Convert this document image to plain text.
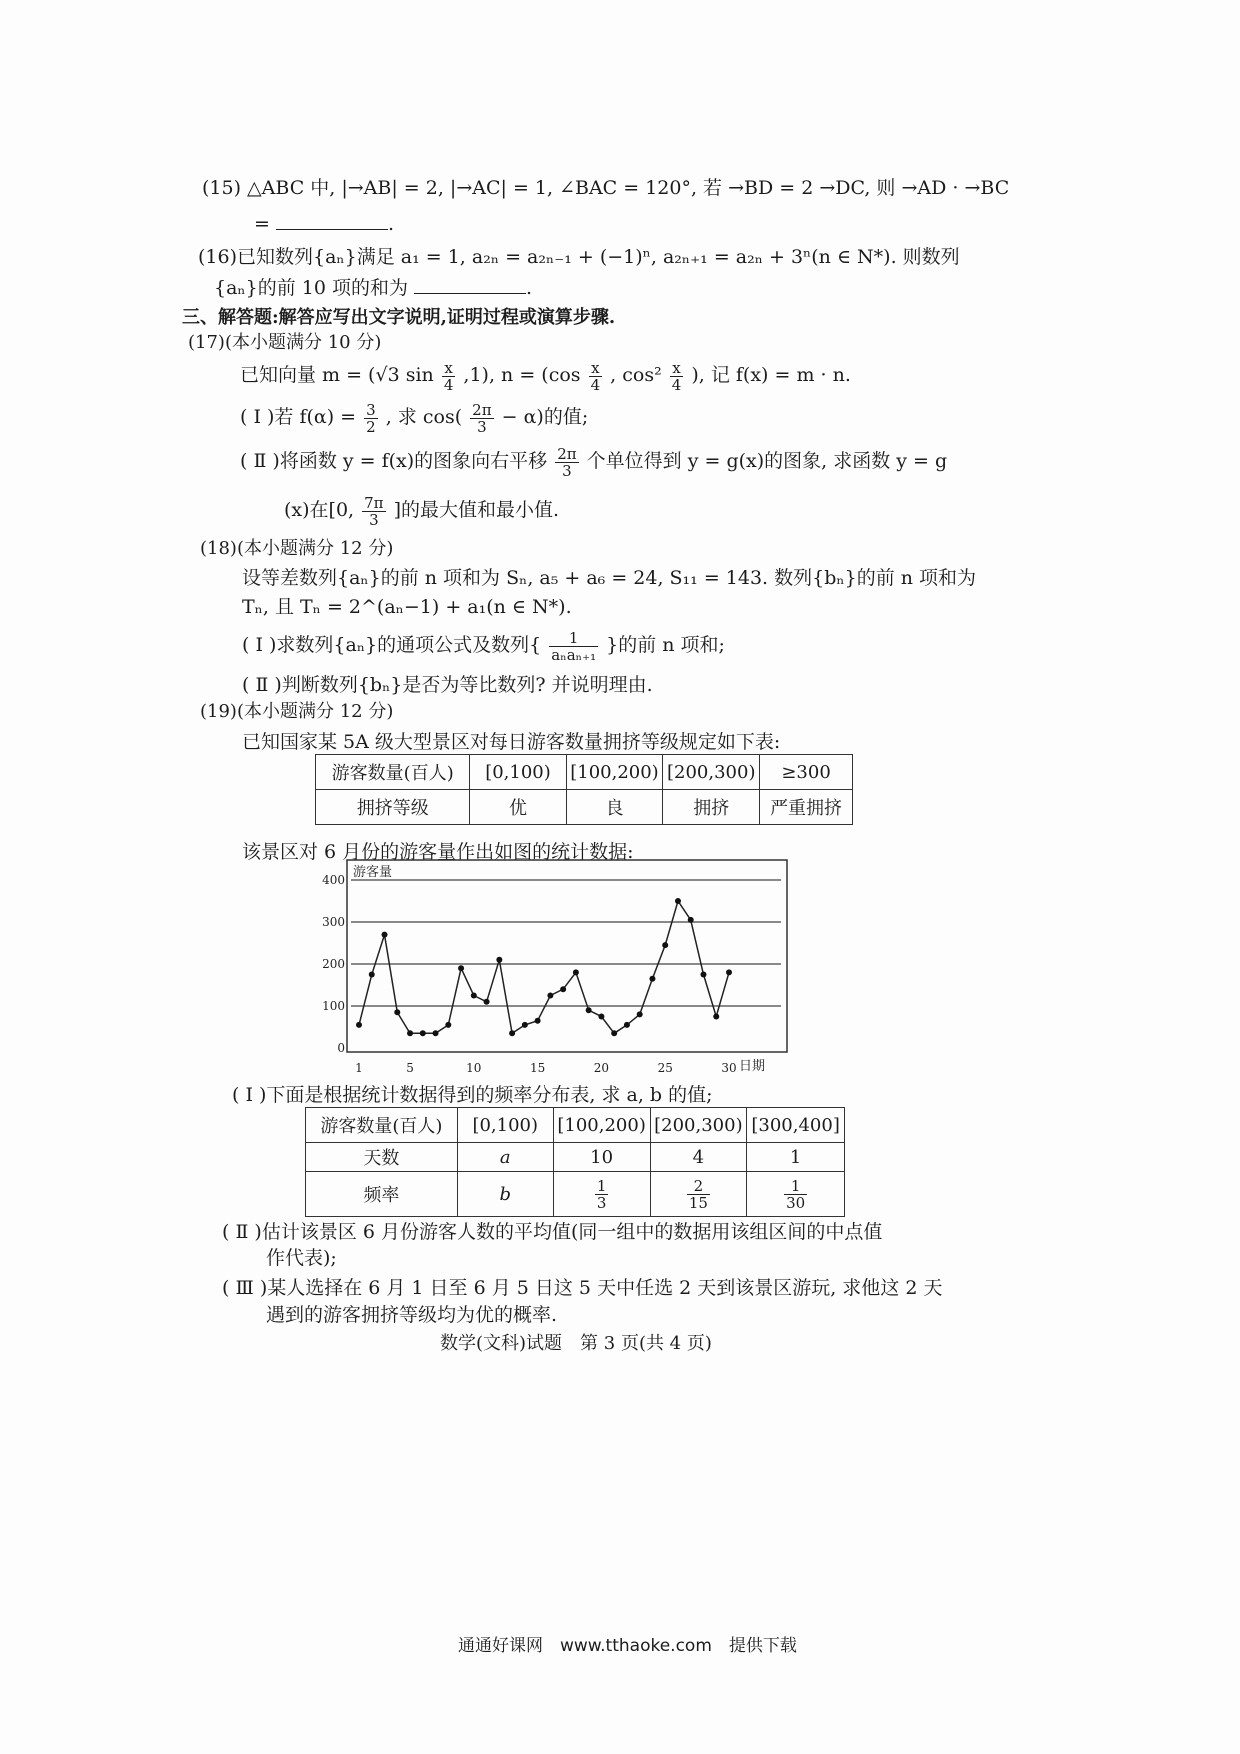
(15) △ABC 中, |→AB| = 2, |→AC| = 1, ∠BAC = 120°, 若 →BD = 2 →DC, 则 →AD · →BC
=	.
(16)已知数列{aₙ}满足 a₁ = 1, a₂ₙ = a₂ₙ₋₁ + (−1)ⁿ, a₂ₙ₊₁ = a₂ₙ + 3ⁿ(n ∈ N*). 则数列
{aₙ}的前 10 项的和为	.
三、解答题:解答应写出文字说明,证明过程或演算步骤.
(17)(本小题满分 10 分)
已知向量 m = (√3 $\sin \frac{x}{4} ,1$), $n = (\cos \frac{x}{4}$ , $\cos^2 \frac{x}{4}$ ), 记 f(x) = m · n.
( Ⅰ )若 $f(\alpha) = \frac{3}{2}$ , 求 $\cos( \frac{2\pi}{3} - \alpha)$的值;
( Ⅱ )将函数 y = f(x)的图象向右平移 $\frac{2\pi}{3}$ 个单位得到 y = g(x)的图象, 求函数 y = g
(x)在[0, $\frac{7\pi}{3}$ ]的最大值和最小值.
(18)(本小题满分 12 分)
设等差数列{aₙ}的前 n 项和为 Sₙ, a₅ + a₆ = 24, S₁₁ = 143. 数列{bₙ}的前 n 项和为
Tₙ, 且 Tₙ = 2^(aₙ−1) + a₁(n ∈ N*).
( Ⅰ )求数列{aₙ}的通项公式及数列{ $\frac{1}{\text{aₙaₙ₊₁}}$ }的前 n 项和;
( Ⅱ )判断数列{bₙ}是否为等比数列? 并说明理由.
(19)(本小题满分 12 分)
已知国家某 5A 级大型景区对每日游客数量拥挤等级规定如下表:
游客数量(百人)	[0,100)	[100,200)	[200,300)	≥300
拥挤等级	优	良	拥挤	严重拥挤
该景区对 6 月份的游客量作出如图的统计数据:
0
100
200
300
400
1	5	10	15	20	25	30
游客量
日期
( Ⅰ )下面是根据统计数据得到的频率分布表, 求 a, b 的值;
游客数量(百人)	[0,100)	[100,200)	[200,300)	[300,400]
天数	a	10	4	1
频率	b	$\frac{1}{3}$	$\frac{2}{15}$	$\frac{1}{30}$
( Ⅱ )估计该景区 6 月份游客人数的平均值(同一组中的数据用该组区间的中点值
作代表);
( Ⅲ )某人选择在 6 月 1 日至 6 月 5 日这 5 天中任选 2 天到该景区游玩, 求他这 2 天
遇到的游客拥挤等级均为优的概率.
数学(文科)试题　第 3 页(共 4 页)
通通好课网　www.tthaoke.com　提供下载
